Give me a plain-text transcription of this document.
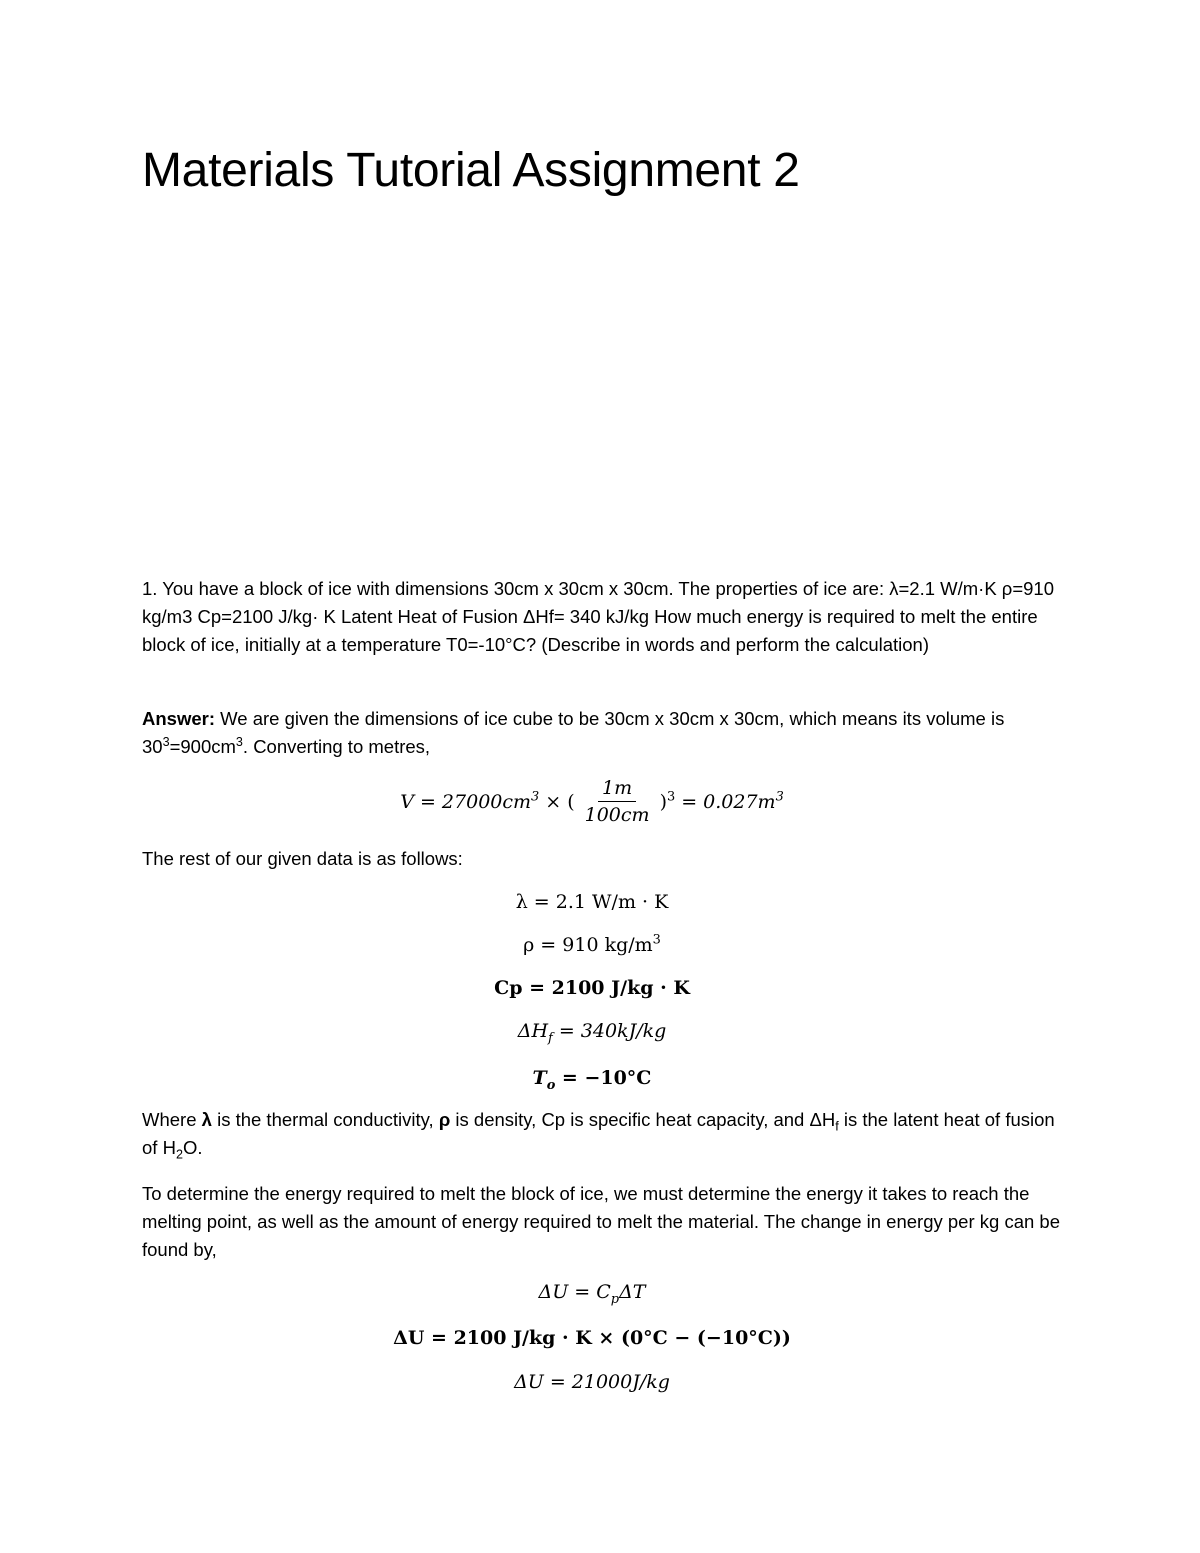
Materials Tutorial Assignment 2

1. You have a block of ice with dimensions 30cm x 30cm x 30cm. The properties of ice are: λ=2.1 W/m·K ρ=910 kg/m3 Cp=2100 J/kg· K Latent Heat of Fusion ΔHf= 340 kJ/kg How much energy is required to melt the entire block of ice, initially at a temperature T0=-10°C? (Describe in words and perform the calculation)

Answer: We are given the dimensions of ice cube to be 30cm x 30cm x 30cm, which means its volume is $30^3=900cm^3$. Converting to metres,

$V = 27000cm^3$ × ( $\frac{1m}{100cm} )^3 = 0.027m^3$

The rest of our given data is as follows:

λ = 2.1 W/m · K
ρ = 910 $kg/m^3$
Cp = 2100 J/kg · K
$\Delta H_f = 340kJ/kg$
$T_o = -10^\circ C$

Where λ is the thermal conductivity, ρ is density, Cp is specific heat capacity, and $\Delta H_f$ is the latent heat of fusion of $H_2O$.

To determine the energy required to melt the block of ice, we must determine the energy it takes to reach the melting point, as well as the amount of energy required to melt the material. The change in energy per kg can be found by,

$\Delta U = C_p\Delta T$
ΔU = 2100 J/kg · K × (0°C − (−10°C))
ΔU = 21000J/kg
